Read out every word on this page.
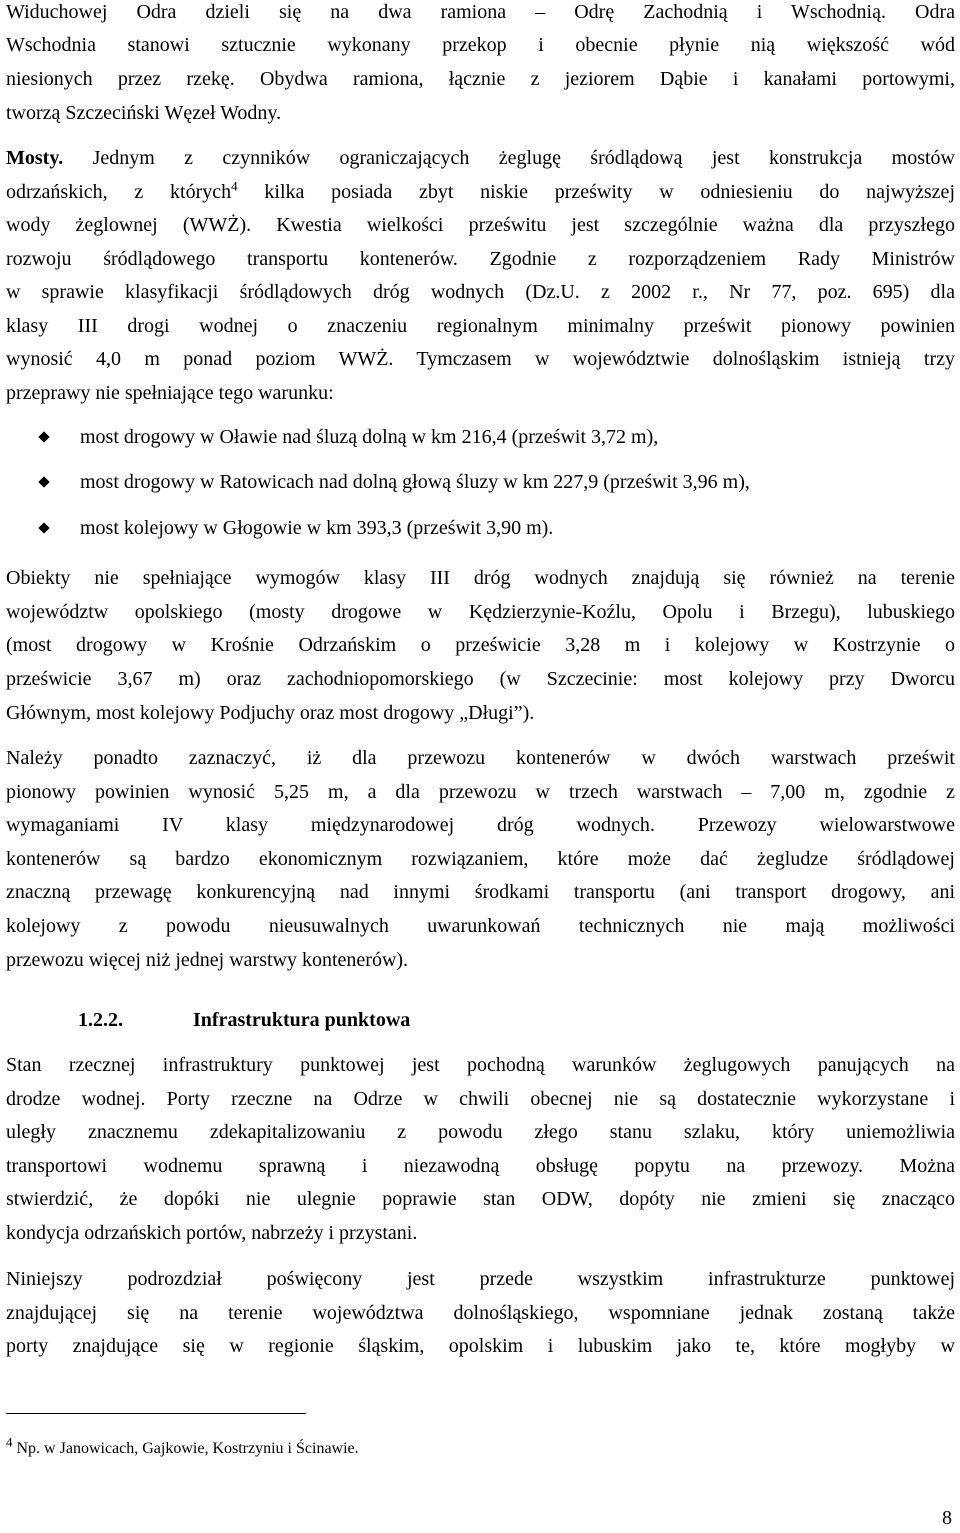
Widuchowej Odra dzieli się na dwa ramiona – Odrę Zachodnią i Wschodnią. Odra
Wschodnia stanowi sztucznie wykonany przekop i obecnie płynie nią większość wód
niesionych przez rzekę. Obydwa ramiona, łącznie z jeziorem Dąbie i kanałami portowymi,
tworzą Szczeciński Węzeł Wodny.
Mosty. Jednym z czynników ograniczających żeglugę śródlądową jest konstrukcja mostów
odrzańskich, z których$^4$ kilka posiada zbyt niskie prześwity w odniesieniu do najwyższej
wody żeglownej (WWŻ). Kwestia wielkości prześwitu jest szczególnie ważna dla przyszłego
rozwoju śródlądowego transportu kontenerów. Zgodnie z rozporządzeniem Rady Ministrów
w sprawie klasyfikacji śródlądowych dróg wodnych (Dz.U. z 2002 r., Nr 77, poz. 695) dla
klasy III drogi wodnej o znaczeniu regionalnym minimalny prześwit pionowy powinien
wynosić 4,0 m ponad poziom WWŻ. Tymczasem w województwie dolnośląskim istnieją trzy
przeprawy nie spełniające tego warunku:
most drogowy w Oławie nad śluzą dolną w km 216,4 (prześwit 3,72 m),
most drogowy w Ratowicach nad dolną głową śluzy w km 227,9 (prześwit 3,96 m),
most kolejowy w Głogowie w km 393,3 (prześwit 3,90 m).
Obiekty nie spełniające wymogów klasy III dróg wodnych znajdują się również na terenie
województw opolskiego (mosty drogowe w Kędzierzynie-Koźlu, Opolu i Brzegu), lubuskiego
(most drogowy w Krośnie Odrzańskim o prześwicie 3,28 m i kolejowy w Kostrzynie o
prześwicie 3,67 m) oraz zachodniopomorskiego (w Szczecinie: most kolejowy przy Dworcu
Głównym, most kolejowy Podjuchy oraz most drogowy „Długi”).
Należy ponadto zaznaczyć, iż dla przewozu kontenerów w dwóch warstwach prześwit
pionowy powinien wynosić 5,25 m, a dla przewozu w trzech warstwach – 7,00 m, zgodnie z
wymaganiami IV klasy międzynarodowej dróg wodnych. Przewozy wielowarstwowe
kontenerów są bardzo ekonomicznym rozwiązaniem, które może dać żegludze śródlądowej
znaczną przewagę konkurencyjną nad innymi środkami transportu (ani transport drogowy, ani
kolejowy z powodu nieusuwalnych uwarunkowań technicznych nie mają możliwości
przewozu więcej niż jednej warstwy kontenerów).
1.2.2.	Infrastruktura punktowa
Stan rzecznej infrastruktury punktowej jest pochodną warunków żeglugowych panujących na
drodze wodnej. Porty rzeczne na Odrze w chwili obecnej nie są dostatecznie wykorzystane i
uległy znacznemu zdekapitalizowaniu z powodu złego stanu szlaku, który uniemożliwia
transportowi wodnemu sprawną i niezawodną obsługę popytu na przewozy. Można
stwierdzić, że dopóki nie ulegnie poprawie stan ODW, dopóty nie zmieni się znacząco
kondycja odrzańskich portów, nabrzeży i przystani.
Niniejszy podrozdział poświęcony jest przede wszystkim infrastrukturze punktowej
znajdującej się na terenie województwa dolnośląskiego, wspomniane jednak zostaną także
porty znajdujące się w regionie śląskim, opolskim i lubuskim jako te, które mogłyby w
$^4$ Np. w Janowicach, Gajkowie, Kostrzyniu i Ścinawie.
8
